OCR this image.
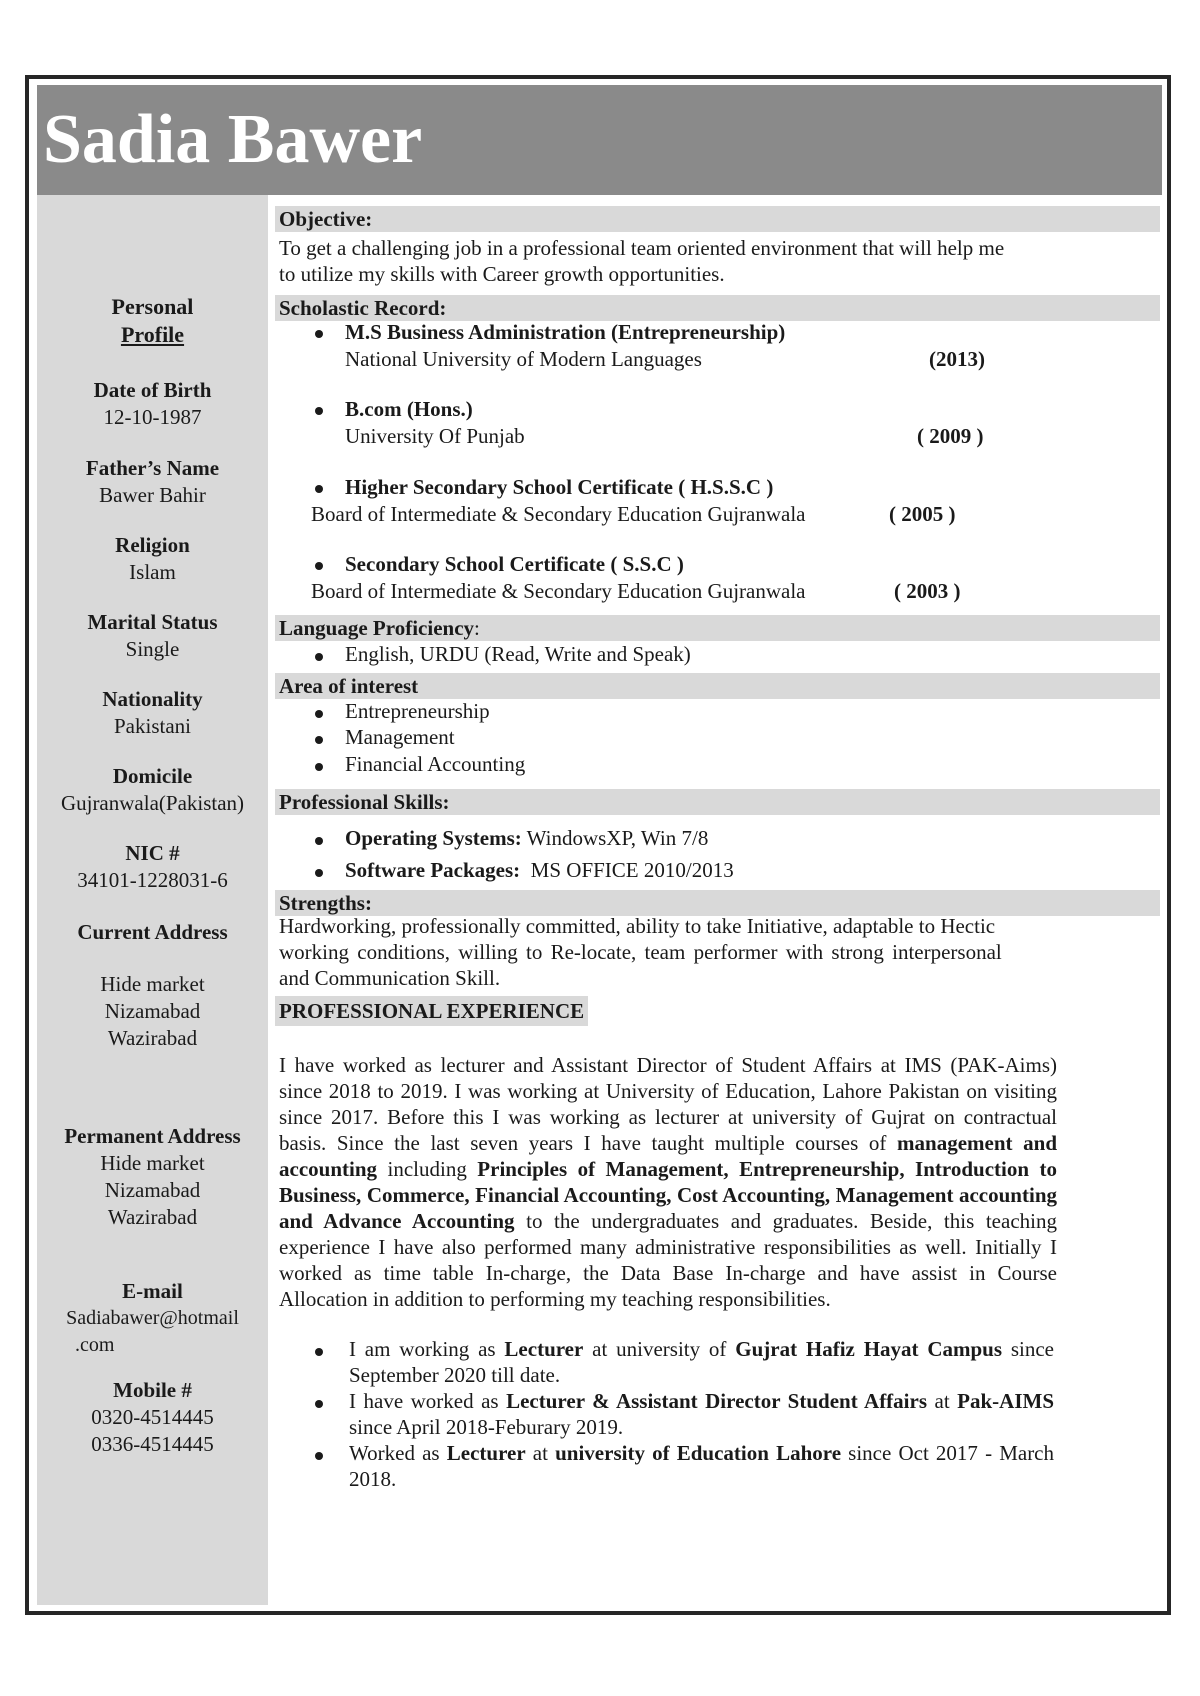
Sadia Bawer
Personal
Profile
Date of Birth
12-10-1987
Father’s Name
Bawer Bahir
Religion
Islam
Marital Status
Single
Nationality
Pakistani
Domicile
Gujranwala(Pakistan)
NIC #
34101-1228031-6
Current Address
Hide market
Nizamabad
Wazirabad
Permanent Address
Hide market
Nizamabad
Wazirabad
E-mail
Sadiabawer@hotmail
.com
Mobile #
0320-4514445
0336-4514445
Objective:
To get a challenging job in a professional team oriented environment that will help me
to utilize my skills with Career growth opportunities.
Scholastic Record:
M.S Business Administration (Entrepreneurship)
National University of Modern Languages	(2013)
B.com (Hons.)
University Of Punjab	( 2009 )
Higher Secondary School Certificate ( H.S.S.C )
Board of Intermediate & Secondary Education Gujranwala	( 2005 )
Secondary School Certificate ( S.S.C )
Board of Intermediate & Secondary Education Gujranwala	( 2003 )
Language Proficiency:
English, URDU (Read, Write and Speak)
Area of interest
Entrepreneurship
Management
Financial Accounting
Professional Skills:
Operating Systems: WindowsXP, Win 7/8
Software Packages: MS OFFICE 2010/2013
Strengths:
Hardworking, professionally committed, ability to take Initiative, adaptable to Hectic
working conditions, willing to Re-locate, team performer with strong interpersonal
and Communication Skill.
PROFESSIONAL EXPERIENCE
I have worked as lecturer and Assistant Director of Student Affairs at IMS (PAK-Aims) since 2018 to 2019. I was working at University of Education, Lahore Pakistan on visiting since 2017. Before this I was working as lecturer at university of Gujrat on contractual basis. Since the last seven years I have taught multiple courses of management and accounting including Principles of Management, Entrepreneurship, Introduction to Business, Commerce, Financial Accounting, Cost Accounting, Management accounting and Advance Accounting to the undergraduates and graduates. Beside, this teaching experience I have also performed many administrative responsibilities as well. Initially I worked as time table In-charge, the Data Base In-charge and have assist in Course Allocation in addition to performing my teaching responsibilities.
I am working as Lecturer at university of Gujrat Hafiz Hayat Campus since September 2020 till date.
I have worked as Lecturer & Assistant Director Student Affairs at Pak-AIMS since April 2018-Feburary 2019.
Worked as Lecturer at university of Education Lahore since Oct 2017 - March 2018.
